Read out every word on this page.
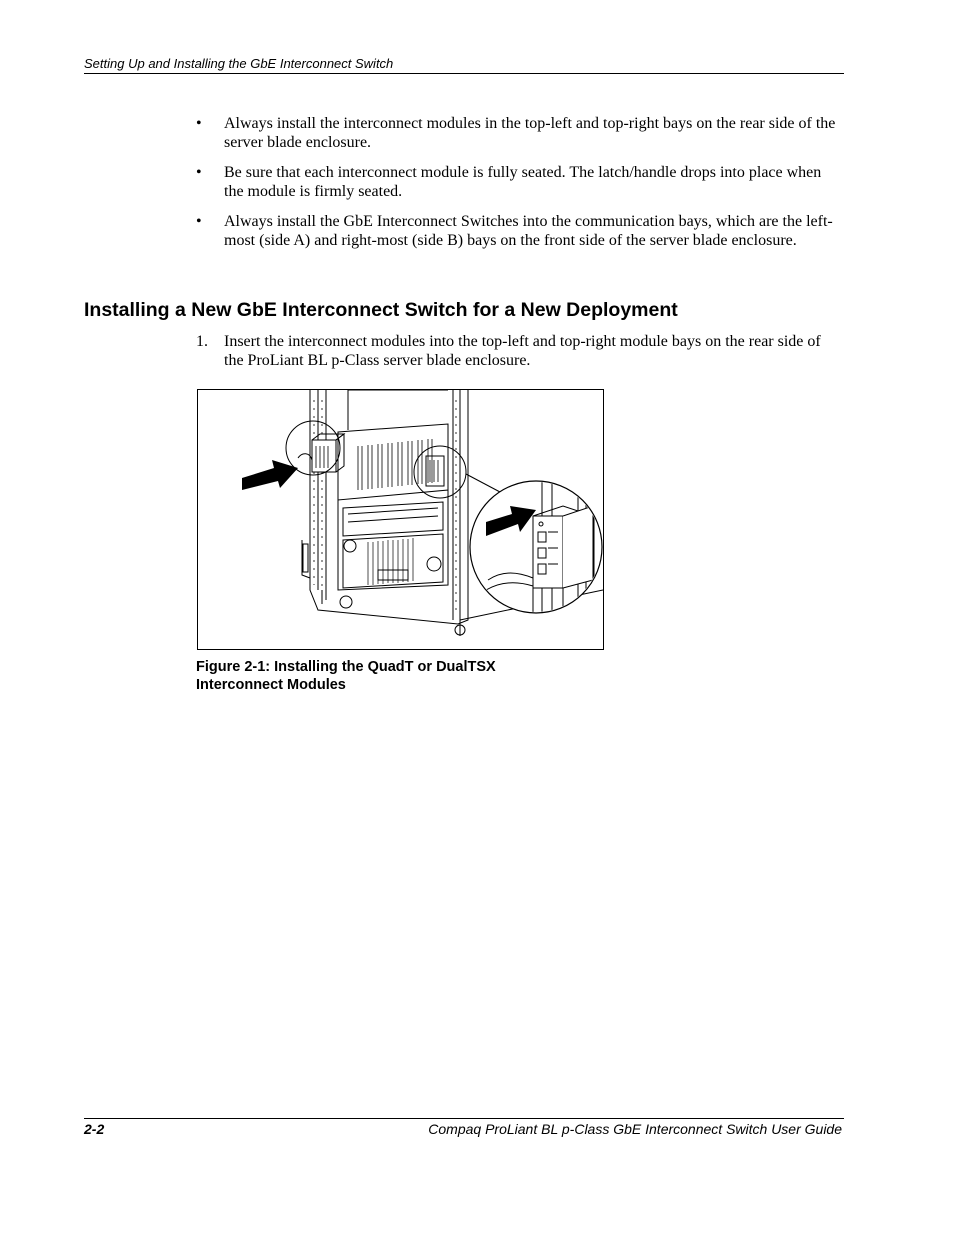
Setting Up and Installing the GbE Interconnect Switch
• Always install the interconnect modules in the top-left and top-right bays on the rear side of the server blade enclosure.
• Be sure that each interconnect module is fully seated. The latch/handle drops into place when the module is firmly seated.
• Always install the GbE Interconnect Switches into the communication bays, which are the left-most (side A) and right-most (side B) bays on the front side of the server blade enclosure.
Installing a New GbE Interconnect Switch for a New Deployment
1. Insert the interconnect modules into the top-left and top-right module bays on the rear side of the ProLiant BL p-Class server blade enclosure.
Figure 2-1: Installing the QuadT or DualTSX
Interconnect Modules
2-2	Compaq ProLiant BL p-Class GbE Interconnect Switch User Guide
